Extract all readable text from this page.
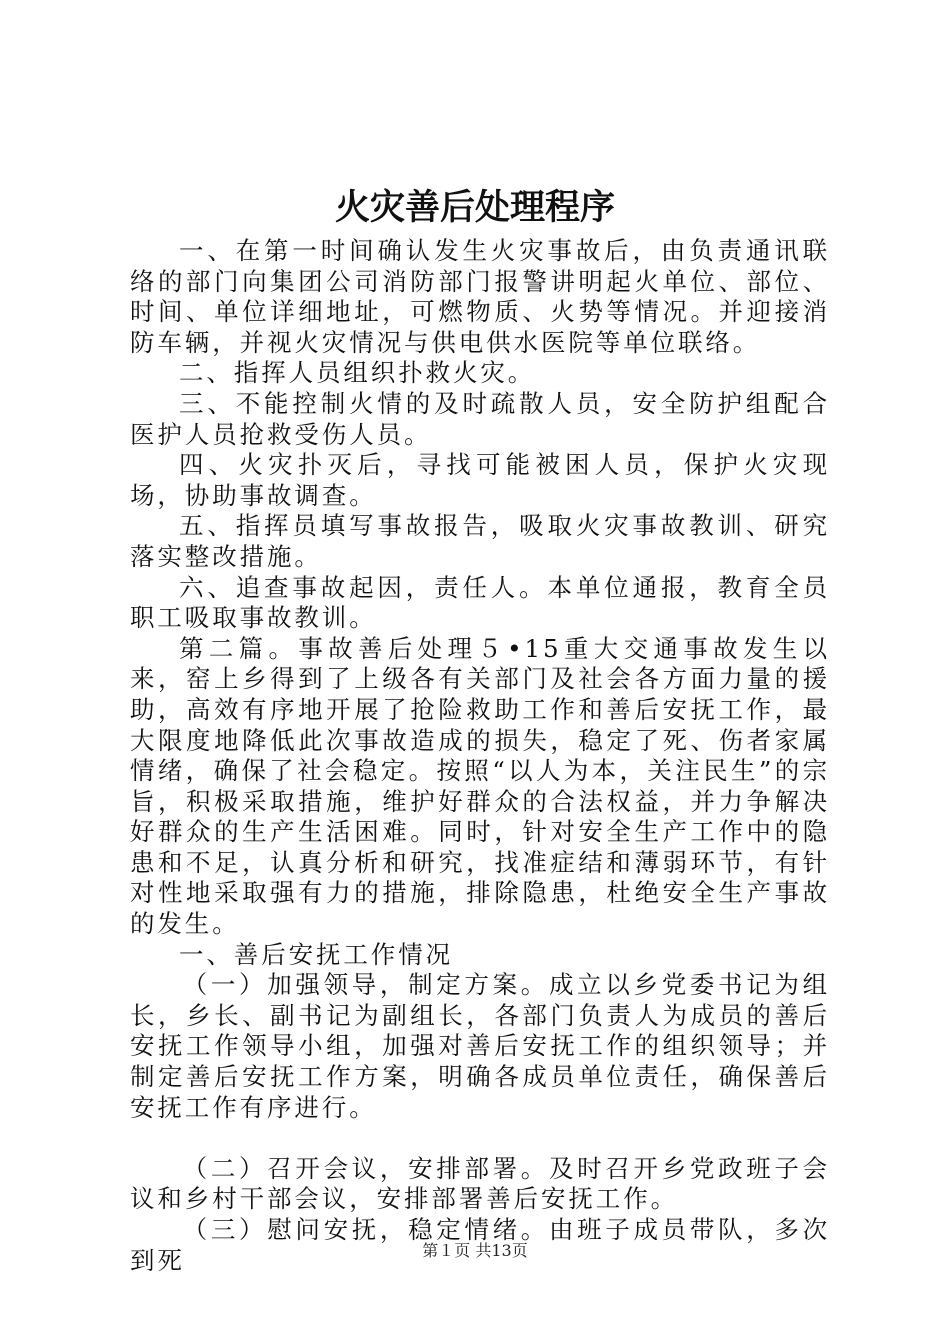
火灾善后处理程序

一、在第一时间确认发生火灾事故后，由负责通讯联络的部门向集团公司消防部门报警讲明起火单位、部位、时间、单位详细地址，可燃物质、火势等情况。并迎接消防车辆，并视火灾情况与供电供水医院等单位联络。

二、指挥人员组织扑救火灾。

三、不能控制火情的及时疏散人员，安全防护组配合医护人员抢救受伤人员。

四、火灾扑灭后，寻找可能被困人员，保护火灾现场，协助事故调查。

五、指挥员填写事故报告，吸取火灾事故教训、研究落实整改措施。

六、追查事故起因，责任人。本单位通报，教育全员职工吸取事故教训。

第二篇。事故善后处理５•15重大交通事故发生以来，窑上乡得到了上级各有关部门及社会各方面力量的援助，高效有序地开展了抢险救助工作和善后安抚工作，最大限度地降低此次事故造成的损失，稳定了死、伤者家属情绪，确保了社会稳定。按照“以人为本，关注民生”的宗旨，积极采取措施，维护好群众的合法权益，并力争解决好群众的生产生活困难。同时，针对安全生产工作中的隐患和不足，认真分析和研究，找准症结和薄弱环节，有针对性地采取强有力的措施，排除隐患，杜绝安全生产事故的发生。

一、善后安抚工作情况

（一）加强领导，制定方案。成立以乡党委书记为组长，乡长、副书记为副组长，各部门负责人为成员的善后安抚工作领导小组，加强对善后安抚工作的组织领导；并制定善后安抚工作方案，明确各成员单位责任，确保善后安抚工作有序进行。

（二）召开会议，安排部署。及时召开乡党政班子会议和乡村干部会议，安排部署善后安抚工作。

（三）慰问安抚，稳定情绪。由班子成员带队，多次到死	第１页 共13页
